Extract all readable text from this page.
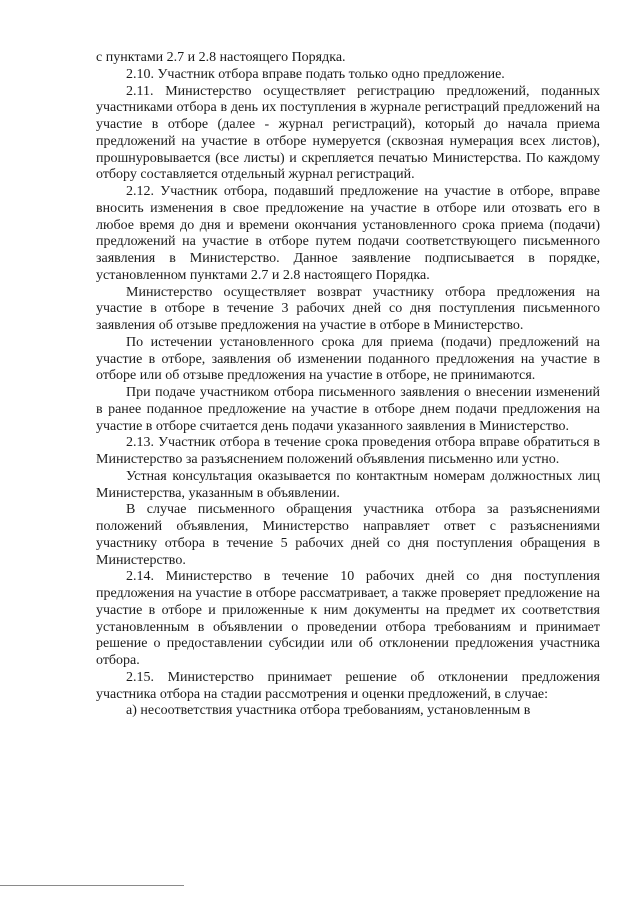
с пунктами 2.7 и 2.8 настоящего Порядка.

2.10. Участник отбора вправе подать только одно предложение.

2.11. Министерство осуществляет регистрацию предложений, поданных участниками отбора в день их поступления в журнале регистраций предложений на участие в отборе (далее - журнал регистраций), который до начала приема предложений на участие в отборе нумеруется (сквозная нумерация всех листов), прошнуровывается (все листы) и скрепляется печатью Министерства. По каждому отбору составляется отдельный журнал регистраций.

2.12. Участник отбора, подавший предложение на участие в отборе, вправе вносить изменения в свое предложение на участие в отборе или отозвать его в любое время до дня и времени окончания установленного срока приема (подачи) предложений на участие в отборе путем подачи соответствующего письменного заявления в Министерство. Данное заявление подписывается в порядке, установленном пунктами 2.7 и 2.8 настоящего Порядка.

Министерство осуществляет возврат участнику отбора предложения на участие в отборе в течение 3 рабочих дней со дня поступления письменного заявления об отзыве предложения на участие в отборе в Министерство.

По истечении установленного срока для приема (подачи) предложений на участие в отборе, заявления об изменении поданного предложения на участие в отборе или об отзыве предложения на участие в отборе, не принимаются.

При подаче участником отбора письменного заявления о внесении изменений в ранее поданное предложение на участие в отборе днем подачи предложения на участие в отборе считается день подачи указанного заявления в Министерство.

2.13. Участник отбора в течение срока проведения отбора вправе обратиться в Министерство за разъяснением положений объявления письменно или устно.

Устная консультация оказывается по контактным номерам должностных лиц Министерства, указанным в объявлении.

В случае письменного обращения участника отбора за разъяснениями положений объявления, Министерство направляет ответ с разъяснениями участнику отбора в течение 5 рабочих дней со дня поступления обращения в Министерство.

2.14. Министерство в течение 10 рабочих дней со дня поступления предложения на участие в отборе рассматривает, а также проверяет предложение на участие в отборе и приложенные к ним документы на предмет их соответствия установленным в объявлении о проведении отбора требованиям и принимает решение о предоставлении субсидии или об отклонении предложения участника отбора.

2.15. Министерство принимает решение об отклонении предложения участника отбора на стадии рассмотрения и оценки предложений, в случае:

а) несоответствия участника отбора требованиям, установленным в
